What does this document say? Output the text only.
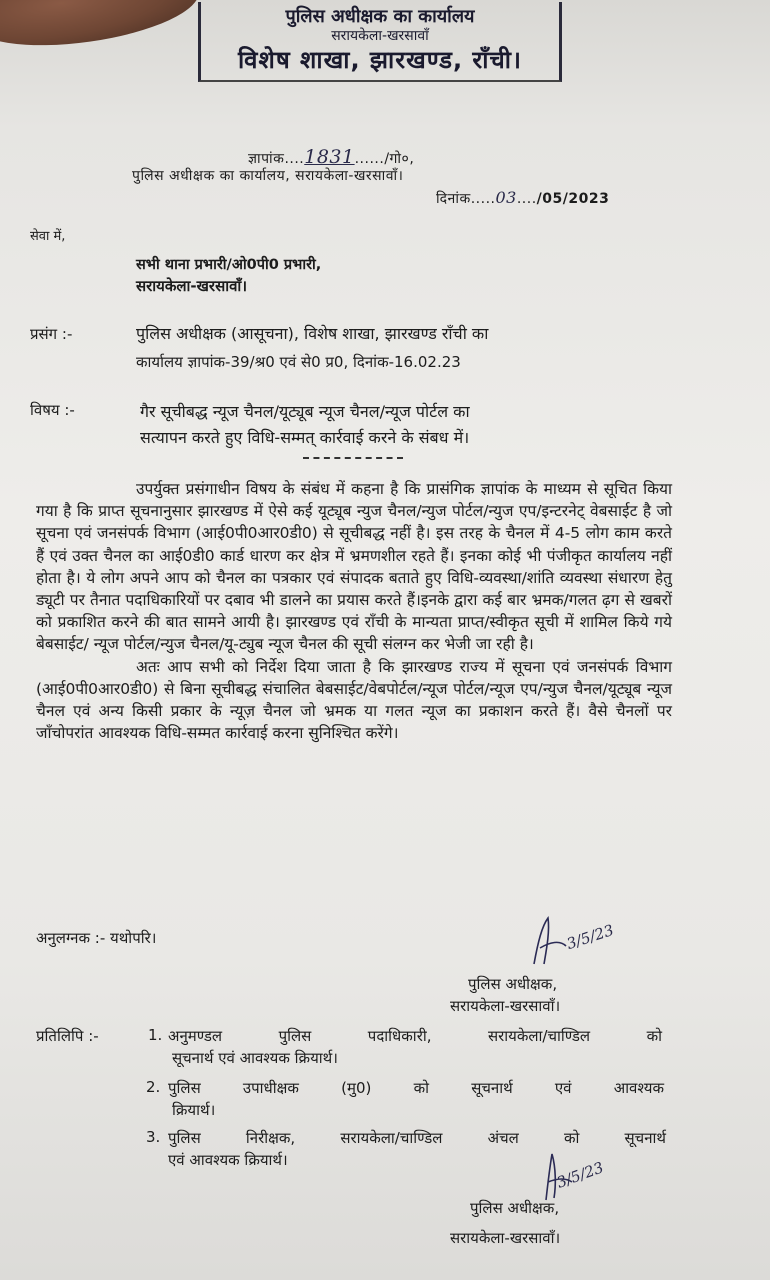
पुलिस अधीक्षक का कार्यालय
सरायकेला-खरसावाँ
विशेष शाखा, झारखण्ड, राँची।
ज्ञापांक....1831....../गो०,
पुलिस अधीक्षक का कार्यालय, सरायकेला-खरसावाँ।
दिनांक.....03..../05/2023
सेवा में,
सभी थाना प्रभारी/ओ0पी0 प्रभारी,
सरायकेला-खरसावाँ।
प्रसंग :-	पुलिस अधीक्षक (आसूचना), विशेष शाखा, झारखण्ड राँची का
कार्यालय ज्ञापांक-39/श्र0 एवं से0 प्र0, दिनांक-16.02.23
विषय :-	गैर सूचीबद्ध न्यूज चैनल/यूट्यूब न्यूज चैनल/न्यूज पोर्टल का
सत्यापन करते हुए विधि-सम्मत् कार्रवाई करने के संबध में।

उपर्युक्त प्रसंगाधीन विषय के संबंध में कहना है कि प्रासंगिक ज्ञापांक के माध्यम से सूचित किया गया है कि प्राप्त सूचनानुसार झारखण्ड में ऐसे कई यूट्यूब न्युज चैनल/न्युज पोर्टल/न्युज एप/इन्टरनेट् वेबसाईट है जो सूचना एवं जनसंपर्क विभाग (आई0पी0आर0डी0) से सूचीबद्ध नहीं है। इस तरह के चैनल में 4-5 लोग काम करते हैं एवं उक्त चैनल का आई0डी0 कार्ड धारण कर क्षेत्र में भ्रमणशील रहते हैं। इनका कोई भी पंजीकृत कार्यालय नहीं होता है। ये लोग अपने आप को चैनल का पत्रकार एवं संपादक बताते हुए विधि-व्यवस्था/शांति व्यवस्था संधारण हेतु ड्यूटी पर तैनात पदाधिकारियों पर दबाव भी डालने का प्रयास करते हैं।इनके द्वारा कई बार भ्रमक/गलत ढ़ग से खबरों को प्रकाशित करने की बात सामने आयी है। झारखण्ड एवं राँची के मान्यता प्राप्त/स्वीकृत सूची में शामिल किये गये बेबसाईट/ न्यूज पोर्टल/न्युज चैनल/यू-ट्युब न्यूज चैनल की सूची संलग्न कर भेजी जा रही है।

अतः आप सभी को निर्देश दिया जाता है कि झारखण्ड राज्य में सूचना एवं जनसंपर्क विभाग (आई0पी0आर0डी0) से बिना सूचीबद्ध संचालित बेबसाईट/वेबपोर्टल/न्यूज पोर्टल/न्यूज एप/न्युज चैनल/यूट्यूब न्यूज चैनल एवं अन्य किसी प्रकार के न्यूज़ चैनल जो भ्रमक या गलत न्यूज का प्रकाशन करते हैं। वैसे चैनलों पर जाँचोपरांत आवश्यक विधि-सम्मत कार्रवाई करना सुनिश्चित करेंगे।

अनुलग्नक :- यथोपरि।	3/5/23
पुलिस अधीक्षक,
सरायकेला-खरसावाँ।
प्रतिलिपि :-	1. अनुमण्डल पुलिस पदाधिकारी, सरायकेला/चाण्डिल को
सूचनार्थ एवं आवश्यक क्रियार्थ।
2. पुलिस उपाधीक्षक (मु0) को सूचनार्थ एवं आवश्यक
क्रियार्थ।
3. पुलिस निरीक्षक, सरायकेला/चाण्डिल अंचल को सूचनार्थ
एवं आवश्यक क्रियार्थ।	3/5/23
पुलिस अधीक्षक,
सरायकेला-खरसावाँ।
